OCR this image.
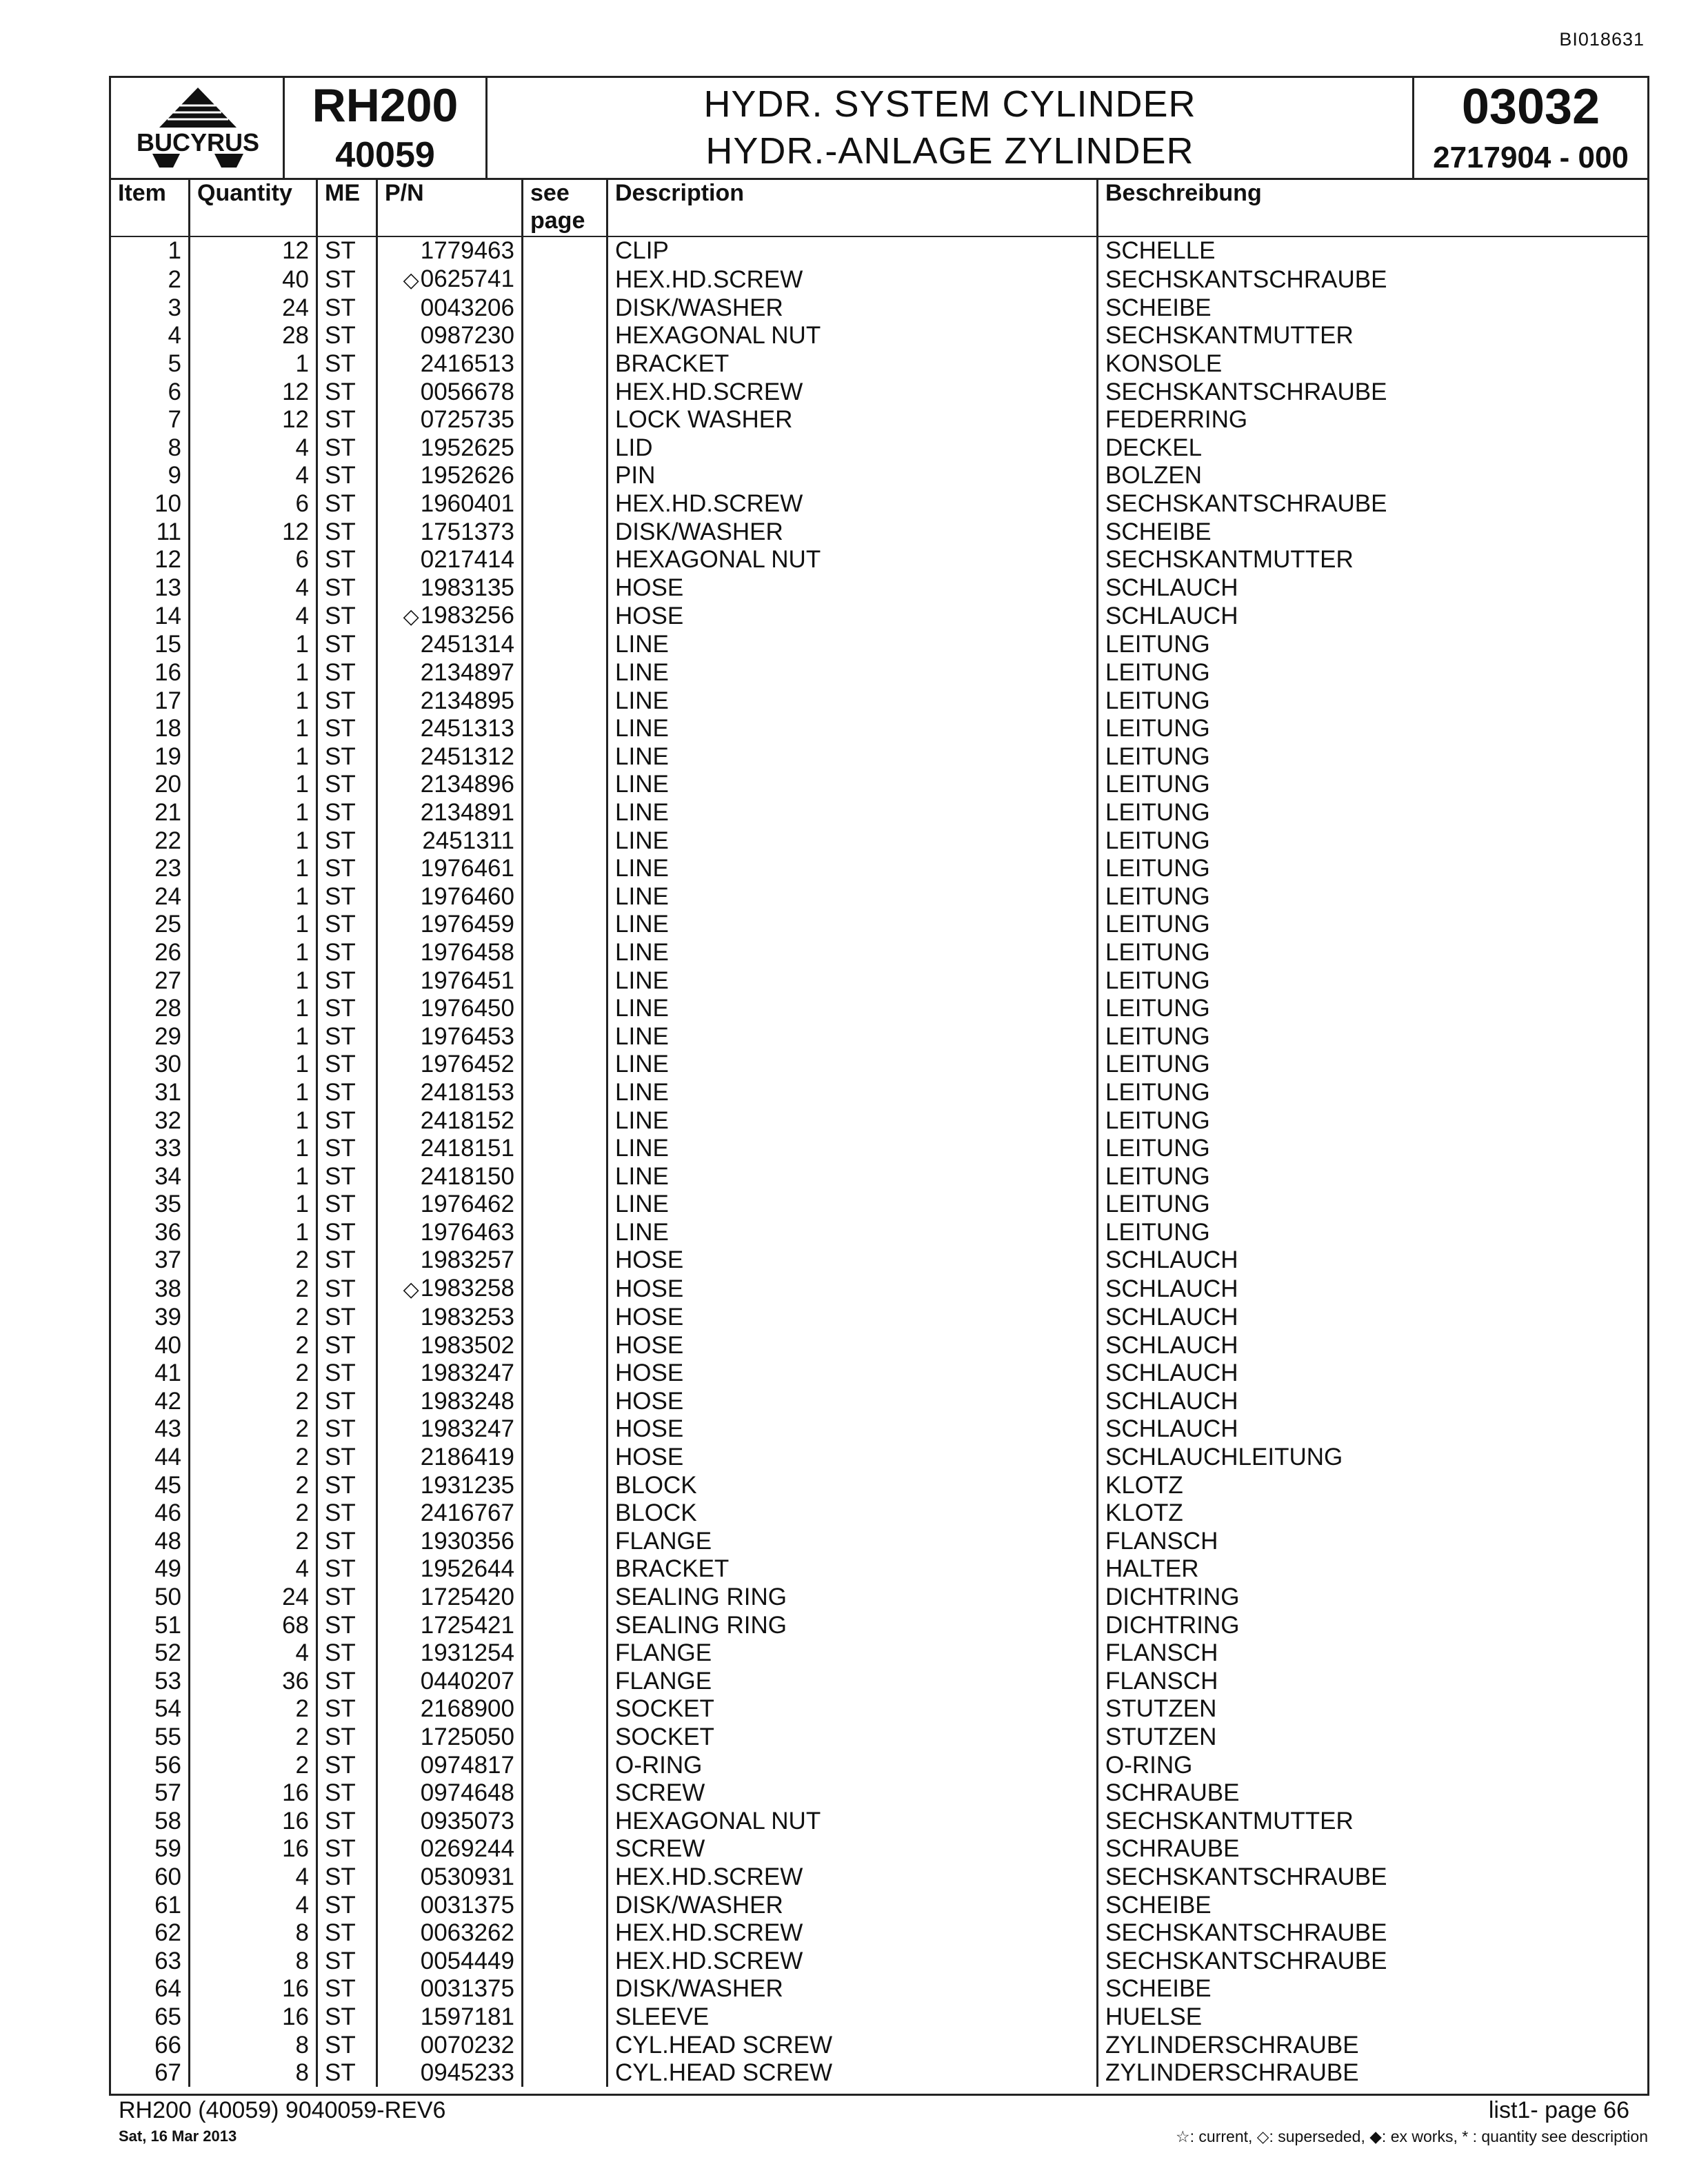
BI018631
BUCYRUS
RH200
40059
HYDR. SYSTEM CYLINDER
HYDR.-ANLAGE ZYLINDER
03032
2717904 - 000
Item	Quantity	ME	P/N	see page	Description	Beschreibung
1	12	ST	1779463		CLIP	SCHELLE
2	40	ST	◇0625741		HEX.HD.SCREW	SECHSKANTSCHRAUBE
3	24	ST	0043206		DISK/WASHER	SCHEIBE
4	28	ST	0987230		HEXAGONAL NUT	SECHSKANTMUTTER
5	1	ST	2416513		BRACKET	KONSOLE
6	12	ST	0056678		HEX.HD.SCREW	SECHSKANTSCHRAUBE
7	12	ST	0725735		LOCK WASHER	FEDERRING
8	4	ST	1952625		LID	DECKEL
9	4	ST	1952626		PIN	BOLZEN
10	6	ST	1960401		HEX.HD.SCREW	SECHSKANTSCHRAUBE
11	12	ST	1751373		DISK/WASHER	SCHEIBE
12	6	ST	0217414		HEXAGONAL NUT	SECHSKANTMUTTER
13	4	ST	1983135		HOSE	SCHLAUCH
14	4	ST	◇1983256		HOSE	SCHLAUCH
15	1	ST	2451314		LINE	LEITUNG
16	1	ST	2134897		LINE	LEITUNG
17	1	ST	2134895		LINE	LEITUNG
18	1	ST	2451313		LINE	LEITUNG
19	1	ST	2451312		LINE	LEITUNG
20	1	ST	2134896		LINE	LEITUNG
21	1	ST	2134891		LINE	LEITUNG
22	1	ST	2451311		LINE	LEITUNG
23	1	ST	1976461		LINE	LEITUNG
24	1	ST	1976460		LINE	LEITUNG
25	1	ST	1976459		LINE	LEITUNG
26	1	ST	1976458		LINE	LEITUNG
27	1	ST	1976451		LINE	LEITUNG
28	1	ST	1976450		LINE	LEITUNG
29	1	ST	1976453		LINE	LEITUNG
30	1	ST	1976452		LINE	LEITUNG
31	1	ST	2418153		LINE	LEITUNG
32	1	ST	2418152		LINE	LEITUNG
33	1	ST	2418151		LINE	LEITUNG
34	1	ST	2418150		LINE	LEITUNG
35	1	ST	1976462		LINE	LEITUNG
36	1	ST	1976463		LINE	LEITUNG
37	2	ST	1983257		HOSE	SCHLAUCH
38	2	ST	◇1983258		HOSE	SCHLAUCH
39	2	ST	1983253		HOSE	SCHLAUCH
40	2	ST	1983502		HOSE	SCHLAUCH
41	2	ST	1983247		HOSE	SCHLAUCH
42	2	ST	1983248		HOSE	SCHLAUCH
43	2	ST	1983247		HOSE	SCHLAUCH
44	2	ST	2186419		HOSE	SCHLAUCHLEITUNG
45	2	ST	1931235		BLOCK	KLOTZ
46	2	ST	2416767		BLOCK	KLOTZ
48	2	ST	1930356		FLANGE	FLANSCH
49	4	ST	1952644		BRACKET	HALTER
50	24	ST	1725420		SEALING RING	DICHTRING
51	68	ST	1725421		SEALING RING	DICHTRING
52	4	ST	1931254		FLANGE	FLANSCH
53	36	ST	0440207		FLANGE	FLANSCH
54	2	ST	2168900		SOCKET	STUTZEN
55	2	ST	1725050		SOCKET	STUTZEN
56	2	ST	0974817		O-RING	O-RING
57	16	ST	0974648		SCREW	SCHRAUBE
58	16	ST	0935073		HEXAGONAL NUT	SECHSKANTMUTTER
59	16	ST	0269244		SCREW	SCHRAUBE
60	4	ST	0530931		HEX.HD.SCREW	SECHSKANTSCHRAUBE
61	4	ST	0031375		DISK/WASHER	SCHEIBE
62	8	ST	0063262		HEX.HD.SCREW	SECHSKANTSCHRAUBE
63	8	ST	0054449		HEX.HD.SCREW	SECHSKANTSCHRAUBE
64	16	ST	0031375		DISK/WASHER	SCHEIBE
65	16	ST	1597181		SLEEVE	HUELSE
66	8	ST	0070232		CYL.HEAD SCREW	ZYLINDERSCHRAUBE
67	8	ST	0945233		CYL.HEAD SCREW	ZYLINDERSCHRAUBE
RH200 (40059) 9040059-REV6
Sat, 16 Mar 2013
list1- page 66
☆: current, ◇: superseded, ◆: ex works, * : quantity see description
